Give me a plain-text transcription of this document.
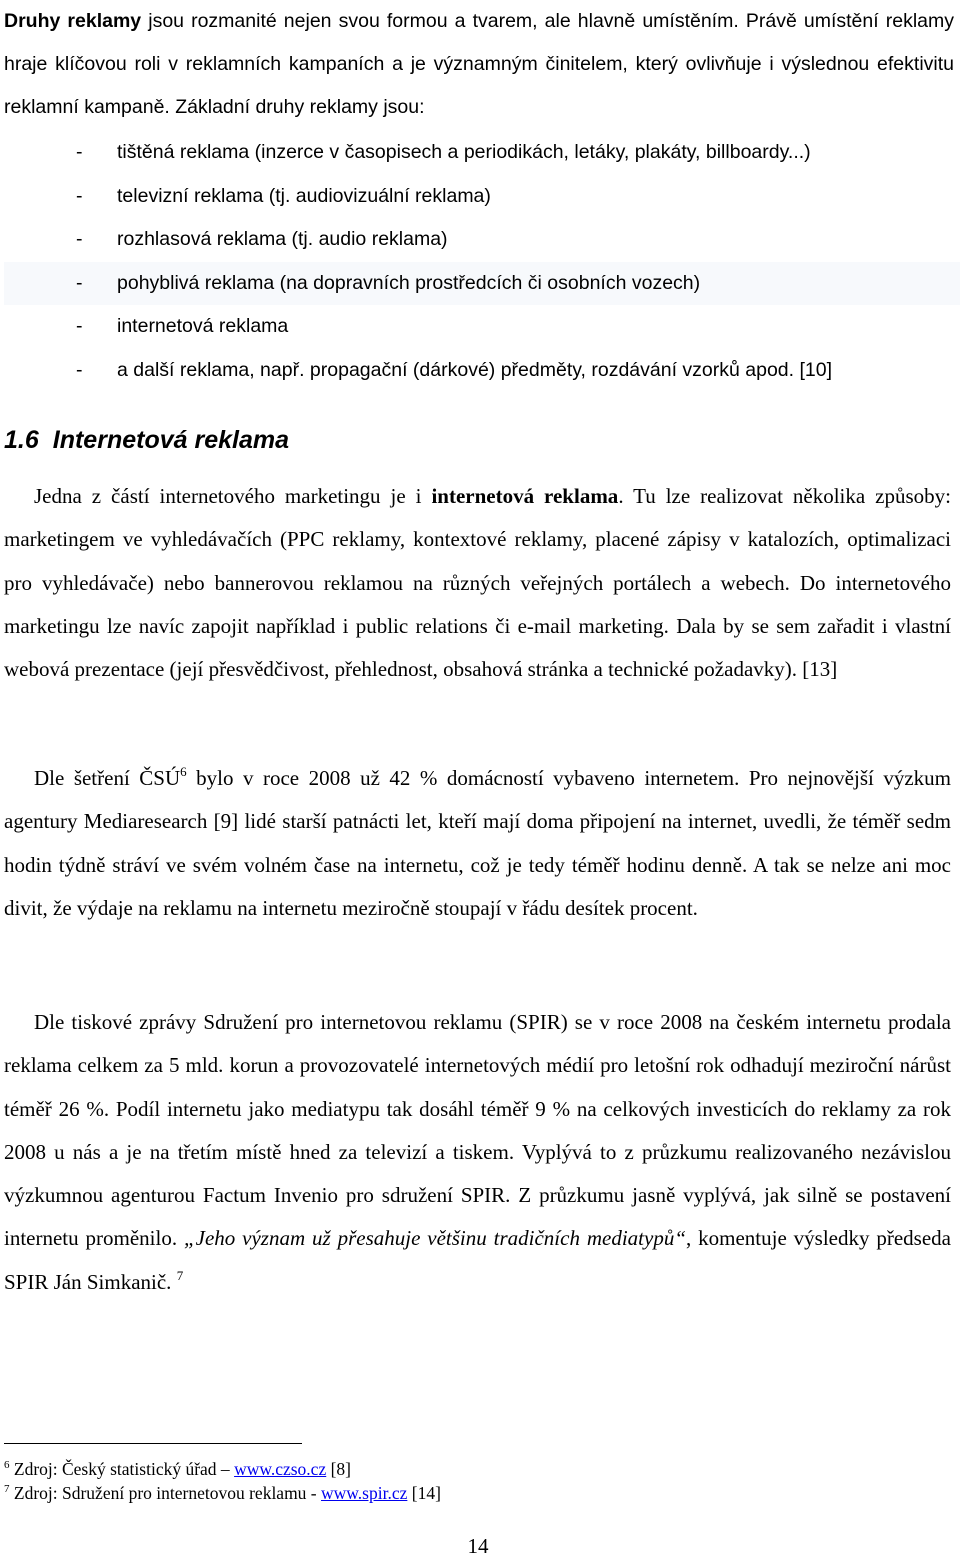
Druhy reklamy jsou rozmanité nejen svou formou a tvarem, ale hlavně umístěním. Právě umístění reklamy hraje klíčovou roli v reklamních kampaních a je významným činitelem, který ovlivňuje i výslednou efektivitu reklamní kampaně. Základní druhy reklamy jsou:

- tištěná reklama (inzerce v časopisech a periodikách, letáky, plakáty, billboardy...)
- televizní reklama (tj. audiovizuální reklama)
- rozhlasová reklama (tj. audio reklama)
- pohyblivá reklama (na dopravních prostředcích či osobních vozech)
- internetová reklama
- a další reklama, např. propagační (dárkové) předměty, rozdávání vzorků apod. [10]
1.6 Internetová reklama

Jedna z částí internetového marketingu je i internetová reklama. Tu lze realizovat několika způsoby: marketingem ve vyhledávačích (PPC reklamy, kontextové reklamy, placené zápisy v katalozích, optimalizaci pro vyhledávače) nebo bannerovou reklamou na různých veřejných portálech a webech. Do internetového marketingu lze navíc zapojit například i public relations či e-mail marketing. Dala by se sem zařadit i vlastní webová prezentace (její přesvědčivost, přehlednost, obsahová stránka a technické požadavky). [13]

Dle šetření ČSÚ$^6$ bylo v roce 2008 už 42 % domácností vybaveno internetem. Pro nejnovější výzkum agentury Mediaresearch [9] lidé starší patnácti let, kteří mají doma připojení na internet, uvedli, že téměř sedm hodin týdně stráví ve svém volném čase na internetu, což je tedy téměř hodinu denně. A tak se nelze ani moc divit, že výdaje na reklamu na internetu meziročně stoupají v řádu desítek procent.

Dle tiskové zprávy Sdružení pro internetovou reklamu (SPIR) se v roce 2008 na českém internetu prodala reklama celkem za 5 mld. korun a provozovatelé internetových médií pro letošní rok odhadují meziroční nárůst téměř 26 %. Podíl internetu jako mediatypu tak dosáhl téměř 9 % na celkových investicích do reklamy za rok 2008 u nás a je na třetím místě hned za televizí a tiskem. Vyplývá to z průzkumu realizovaného nezávislou výzkumnou agenturou Factum Invenio pro sdružení SPIR. Z průzkumu jasně vyplývá, jak silně se postavení internetu proměnilo. „Jeho význam už přesahuje většinu tradičních mediatypů“, komentuje výsledky předseda SPIR Ján Simkanič. $^7$

$^6$ Zdroj: Český statistický úřad – www.czso.cz [8]

$^7$ Zdroj: Sdružení pro internetovou reklamu - www.spir.cz [14]

14
